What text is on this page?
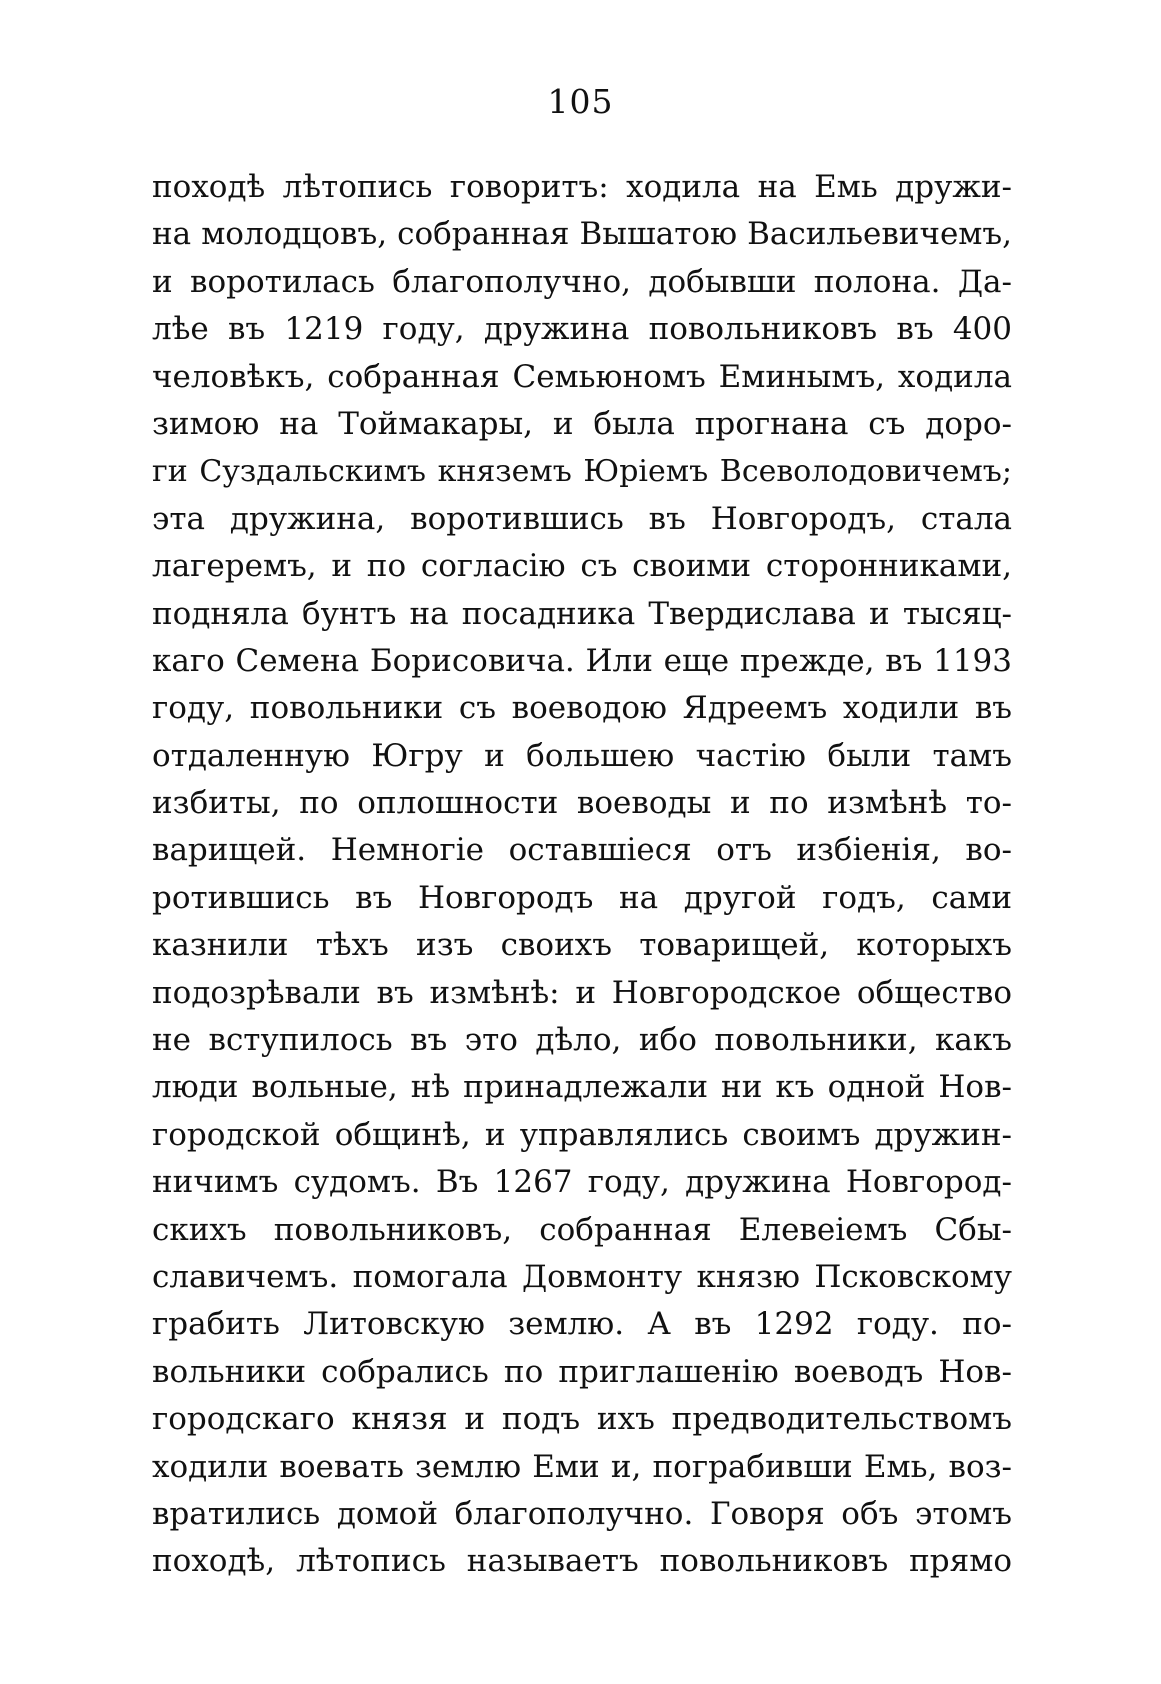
105
походѣ лѣтопись говоритъ: ходила на Емь дружи-
на молодцовъ, собранная Вышатою Васильевичемъ,
и воротилась благополучно, добывши полона. Да-
лѣе въ 1219 году, дружина повольниковъ въ 400
человѣкъ, собранная Семьюномъ Еминымъ, ходила
зимою на Тоймакары, и была прогнана съ доро-
ги Суздальскимъ княземъ Юріемъ Всеволодовичемъ;
эта дружина, воротившись въ Новгородъ, стала
лагеремъ, и по согласію съ своими сторонниками,
подняла бунтъ на посадника Твердислава и тысяц-
каго Семена Борисовича. Или еще прежде, въ 1193
году, повольники съ воеводою Ядреемъ ходили въ
отдаленную Югру и большею частію были тамъ
избиты, по оплошности воеводы и по измѣнѣ то-
варищей. Немногіе оставшіеся отъ избіенія, во-
ротившись въ Новгородъ на другой годъ, сами
казнили тѣхъ изъ своихъ товарищей, которыхъ
подозрѣвали въ измѣнѣ: и Новгородское общество
не вступилось въ это дѣло, ибо повольники, какъ
люди вольные, нѣ принадлежали ни къ одной Нов-
городской общинѣ, и управлялись своимъ дружин-
ничимъ судомъ. Въ 1267 году, дружина Новгород-
скихъ повольниковъ, собранная Елевеіемъ Сбы-
славичемъ. помогала Довмонту князю Псковскому
грабить Литовскую землю. А въ 1292 году. по-
вольники собрались по приглашенію воеводъ Нов-
городскаго князя и подъ ихъ предводительствомъ
ходили воевать землю Еми и, пограбивши Емь, воз-
вратились домой благополучно. Говоря объ этомъ
походѣ, лѣтопись называетъ повольниковъ прямо
